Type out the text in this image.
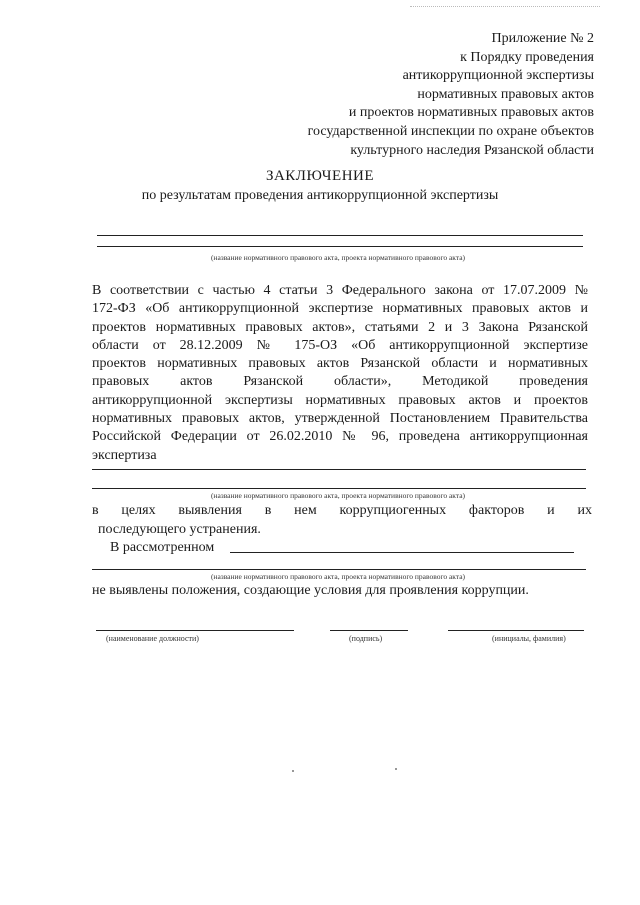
Приложение № 2
к Порядку проведения
антикоррупционной экспертизы
нормативных правовых актов
и проектов нормативных правовых актов
государственной инспекции по охране объектов
культурного наследия Рязанской области
ЗАКЛЮЧЕНИЕ
по результатам проведения антикоррупционной экспертизы
(название нормативного правового акта, проекта нормативного правового акта)
В соответствии с частью 4 статьи 3 Федерального закона от 17.07.2009 №
172-ФЗ «Об антикоррупционной экспертизе нормативных правовых актов и
проектов нормативных правовых актов», статьями 2 и 3 Закона Рязанской
области от 28.12.2009 № 175-ОЗ «Об антикоррупционной экспертизе
проектов нормативных правовых актов Рязанской области и нормативных
правовых актов Рязанской области», Методикой проведения
антикоррупционной экспертизы нормативных правовых актов и проектов
нормативных правовых актов, утвержденной Постановлением Правительства
Российской Федерации от 26.02.2010 № 96, проведена антикоррупционная
экспертиза
(название нормативного правового акта, проекта нормативного правового акта)
в целях выявления в нем коррупциогенных факторов и их
последующего устранения.
В рассмотренном
(название нормативного правового акта, проекта нормативного правового акта)
не выявлены положения, создающие условия для проявления коррупции.
(наименование должности)	(подпись)	(инициалы, фамилия)
